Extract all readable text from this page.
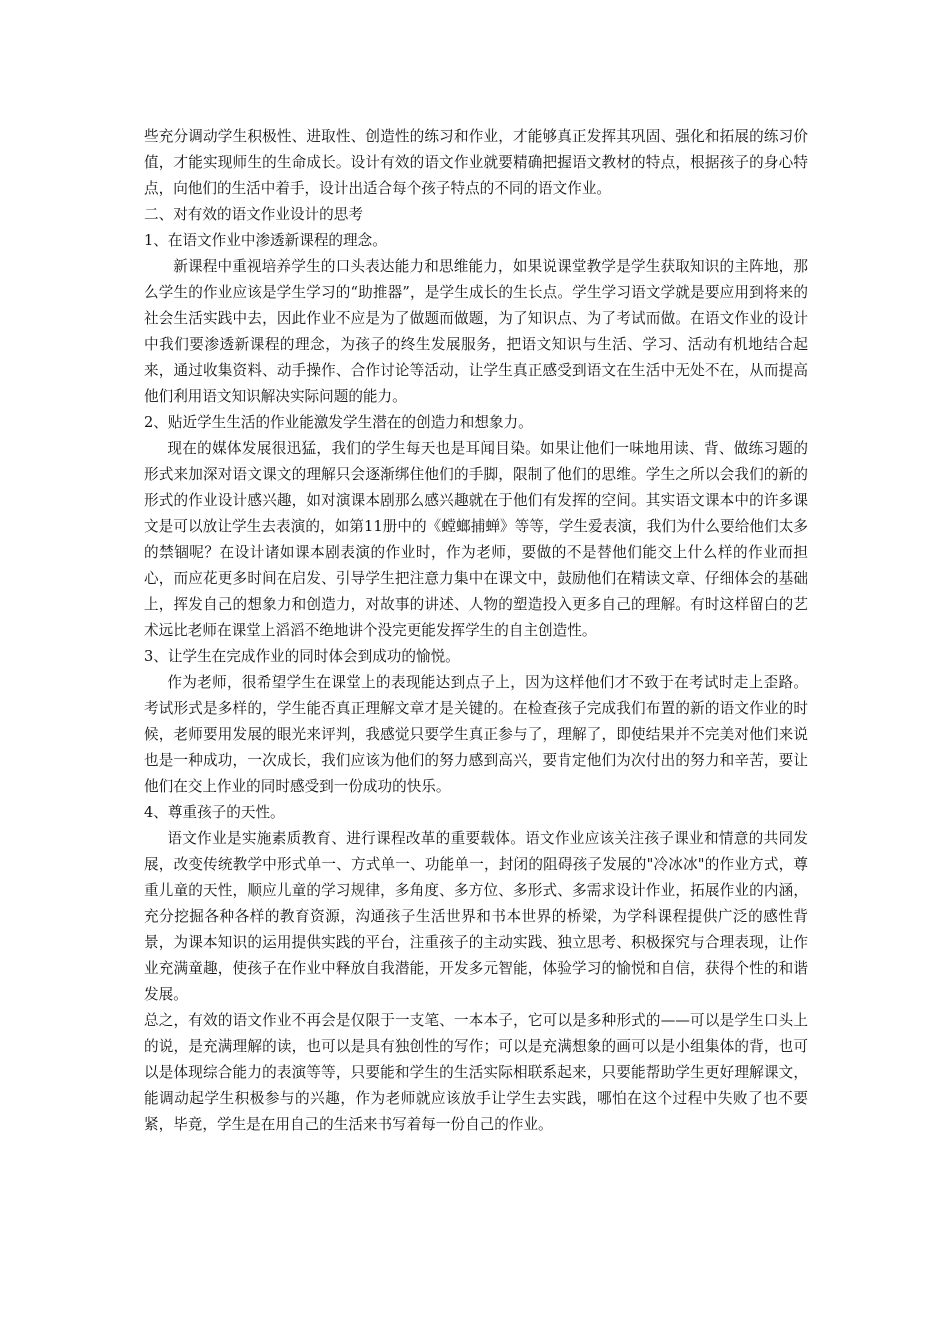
些充分调动学生积极性、进取性、创造性的练习和作业，才能够真正发挥其巩固、强化和拓展的练习价值，才能实现师生的生命成长。设计有效的语文作业就要精确把握语文教材的特点，根据孩子的身心特点，向他们的生活中着手，设计出适合每个孩子特点的不同的语文作业。

二、对有效的语文作业设计的思考

1、在语文作业中渗透新课程的理念。

新课程中重视培养学生的口头表达能力和思维能力，如果说课堂教学是学生获取知识的主阵地，那么学生的作业应该是学生学习的“助推器”，是学生成长的生长点。学生学习语文学就是要应用到将来的社会生活实践中去，因此作业不应是为了做题而做题，为了知识点、为了考试而做。在语文作业的设计中我们要渗透新课程的理念，为孩子的终生发展服务，把语文知识与生活、学习、活动有机地结合起来，通过收集资料、动手操作、合作讨论等活动，让学生真正感受到语文在生活中无处不在，从而提高他们利用语文知识解决实际问题的能力。

2、贴近学生生活的作业能激发学生潜在的创造力和想象力。

现在的媒体发展很迅猛，我们的学生每天也是耳闻目染。如果让他们一味地用读、背、做练习题的形式来加深对语文课文的理解只会逐渐绑住他们的手脚，限制了他们的思维。学生之所以会我们的新的形式的作业设计感兴趣，如对演课本剧那么感兴趣就在于他们有发挥的空间。其实语文课本中的许多课文是可以放让学生去表演的，如第11册中的《螳螂捕蝉》等等，学生爱表演，我们为什么要给他们太多的禁锢呢？在设计诸如课本剧表演的作业时，作为老师，要做的不是替他们能交上什么样的作业而担心，而应花更多时间在启发、引导学生把注意力集中在课文中，鼓励他们在精读文章、仔细体会的基础上，挥发自己的想象力和创造力，对故事的讲述、人物的塑造投入更多自己的理解。有时这样留白的艺术远比老师在课堂上滔滔不绝地讲个没完更能发挥学生的自主创造性。

3、让学生在完成作业的同时体会到成功的愉悦。

作为老师，很希望学生在课堂上的表现能达到点子上，因为这样他们才不致于在考试时走上歪路。考试形式是多样的，学生能否真正理解文章才是关键的。在检查孩子完成我们布置的新的语文作业的时候，老师要用发展的眼光来评判，我感觉只要学生真正参与了，理解了，即使结果并不完美对他们来说也是一种成功，一次成长，我们应该为他们的努力感到高兴，要肯定他们为次付出的努力和辛苦，要让他们在交上作业的同时感受到一份成功的快乐。

4、尊重孩子的天性。

语文作业是实施素质教育、进行课程改革的重要载体。语文作业应该关注孩子课业和情意的共同发展，改变传统教学中形式单一、方式单一、功能单一，封闭的阻碍孩子发展的"冷冰冰"的作业方式，尊重儿童的天性，顺应儿童的学习规律，多角度、多方位、多形式、多需求设计作业，拓展作业的内涵，充分挖掘各种各样的教育资源，沟通孩子生活世界和书本世界的桥梁，为学科课程提供广泛的感性背景，为课本知识的运用提供实践的平台，注重孩子的主动实践、独立思考、积极探究与合理表现，让作业充满童趣，使孩子在作业中释放自我潜能，开发多元智能，体验学习的愉悦和自信，获得个性的和谐发展。

总之，有效的语文作业不再会是仅限于一支笔、一本本子，它可以是多种形式的——可以是学生口头上的说，是充满理解的读，也可以是具有独创性的写作；可以是充满想象的画可以是小组集体的背，也可以是体现综合能力的表演等等，只要能和学生的生活实际相联系起来，只要能帮助学生更好理解课文，能调动起学生积极参与的兴趣，作为老师就应该放手让学生去实践，哪怕在这个过程中失败了也不要紧，毕竟，学生是在用自己的生活来书写着每一份自己的作业。
